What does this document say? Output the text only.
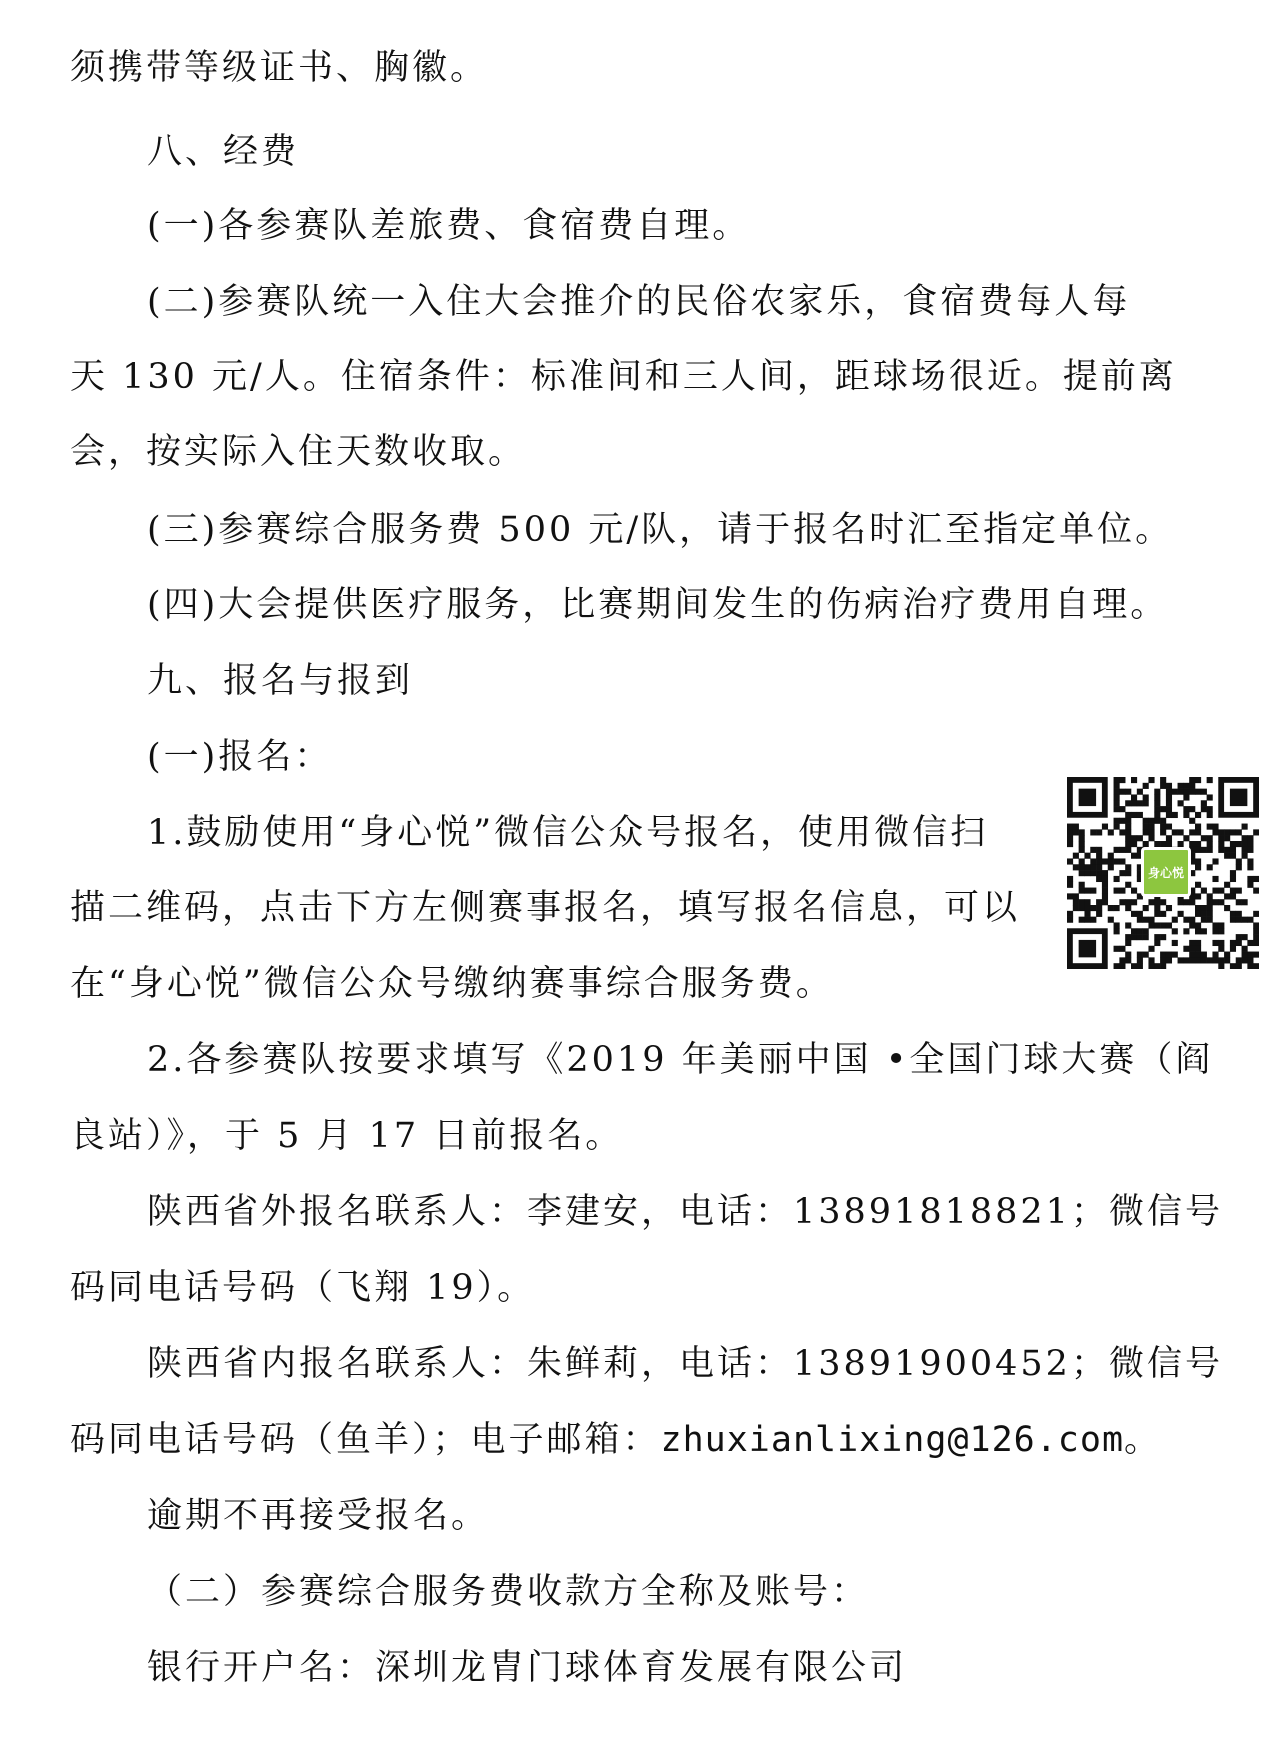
须携带等级证书、胸徽。
八、经费
(一)各参赛队差旅费、食宿费自理。
(二)参赛队统一入住大会推介的民俗农家乐，食宿费每人每
天 130 元/人。住宿条件：标准间和三人间，距球场很近。提前离
会，按实际入住天数收取。
(三)参赛综合服务费 500 元/队，请于报名时汇至指定单位。
(四)大会提供医疗服务，比赛期间发生的伤病治疗费用自理。
九、报名与报到
(一)报名：
1.鼓励使用“身心悦”微信公众号报名，使用微信扫
描二维码，点击下方左侧赛事报名，填写报名信息，可以
在“身心悦”微信公众号缴纳赛事综合服务费。
2.各参赛队按要求填写《2019 年美丽中国 •全国门球大赛（阎
良站）》，于 5 月 17 日前报名。
陕西省外报名联系人：李建安，电话：13891818821；微信号
码同电话号码（飞翔 19）。
陕西省内报名联系人：朱鲜莉，电话：13891900452；微信号
码同电话号码（鱼羊）；电子邮箱：zhuxianlixing@126.com。
逾期不再接受报名。
（二）参赛综合服务费收款方全称及账号：
银行开户名：深圳龙胄门球体育发展有限公司
身心悦
